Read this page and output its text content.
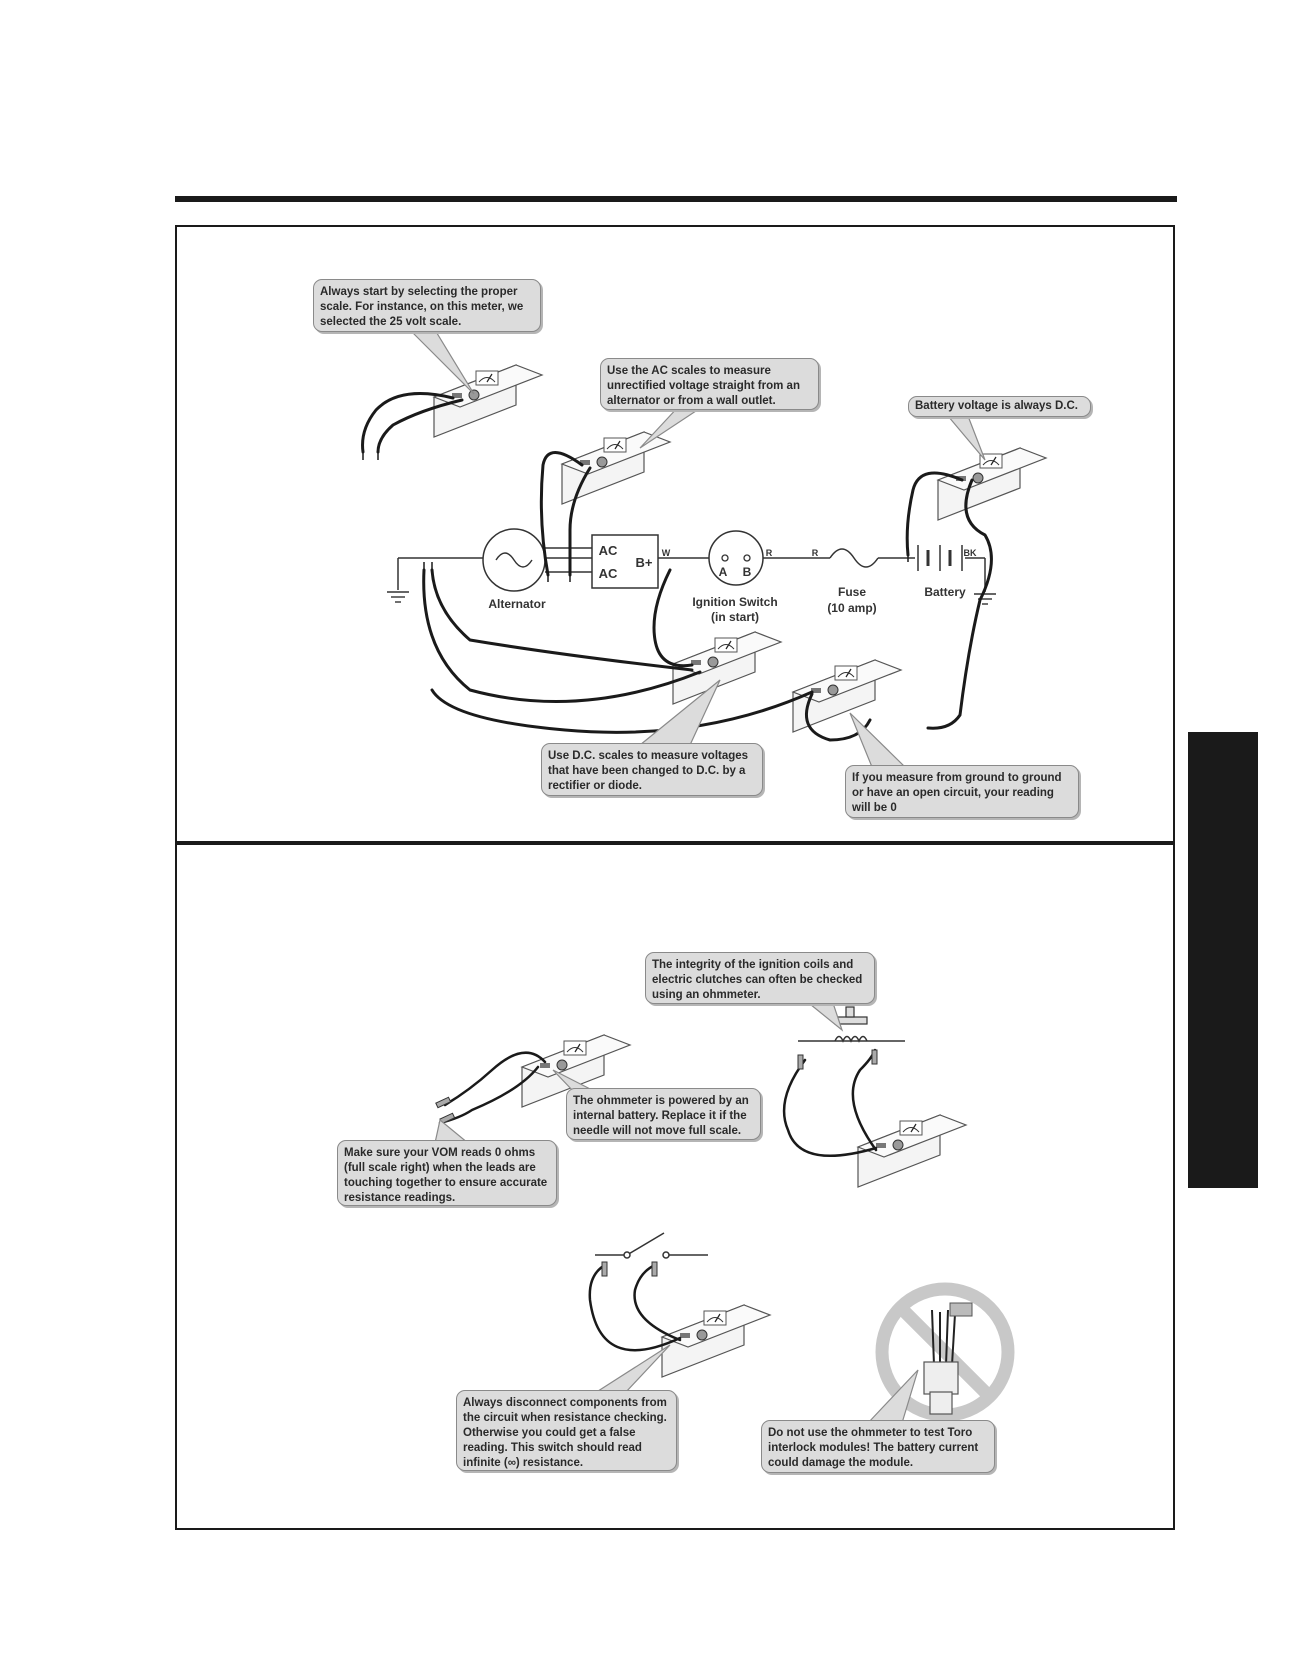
Alternator
AC
AC
B+
W	R	R	BK
A B
Ignition Switch
(in start)
Fuse
(10 amp)
Battery
Always start by selecting the proper scale. For instance, on this meter, we selected the 25 volt scale.
Use the AC scales to measure unrectified voltage straight from an alternator or from a wall outlet.	Battery voltage is always D.C.
Use D.C. scales to measure voltages that have been changed to D.C. by a rectifier or diode.
If you measure from ground to ground or have an open circuit, your reading will be 0
The integrity of the ignition coils and electric clutches can often be checked using an ohmmeter.
The ohmmeter is powered by an internal battery. Replace it if the needle will not move full scale.
Make sure your VOM reads 0 ohms (full scale right) when the leads are touching together to ensure accurate resistance readings.
Always disconnect components from the circuit when resistance checking. Otherwise you could get a false reading. This switch should read infinite (∞) resistance.
Do not use the ohmmeter to test Toro interlock modules! The battery current could damage the module.
